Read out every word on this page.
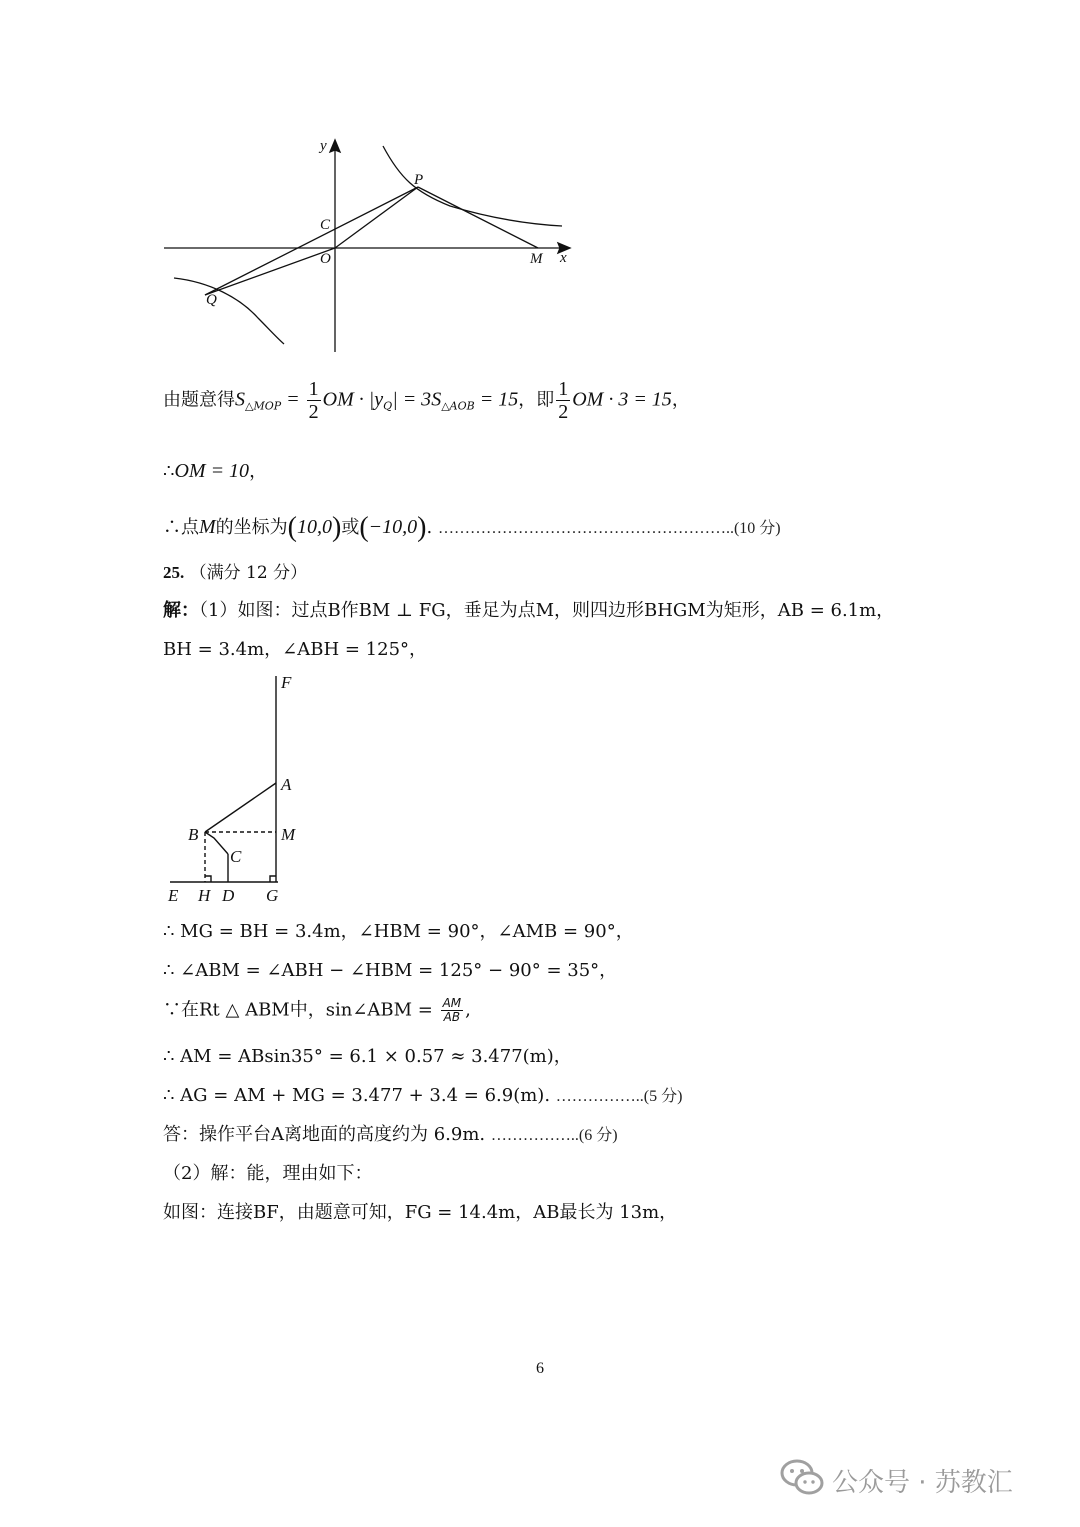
y
x
P
C
O	M
Q
由题意得$S_{\triangle MOP} = \frac{1}{2}$ OM · $|y_Q| = 3S_{\triangle AOB} = 15$，即 $\frac{1}{2}$ OM · 3 = 15，
∴OM = 10，
∴点M的坐标为(10,0)或(−10,0). ………………………………………………..(10 分)
25. （满分 12 分）
解：（1）如图：过点B作BM ⊥ FG，垂足为点M，则四边形BHGM为矩形，AB = 6.1m，
BH = 3.4m，∠ABH = 125°，
F
A
B	M
C
E H D G
∴ MG = BH = 3.4m，∠HBM = 90°，∠AMB = 90°，
∴ ∠ABM = ∠ABH − ∠HBM = 125° − 90° = 35°，
∵在Rt △ ABM中，sin∠ABM = $\frac{AM}{AB}$ ,
∴ AM = ABsin35° = 6.1 × 0.57 ≈ 3.477(m)，
∴ AG = AM + MG = 3.477 + 3.4 = 6.9(m). ……………..(5 分)
答：操作平台A离地面的高度约为 6.9m. ……………..(6 分)
（2）解：能，理由如下：
如图：连接BF，由题意可知，FG = 14.4m，AB最长为 13m，
6
公众号 · 苏教汇
